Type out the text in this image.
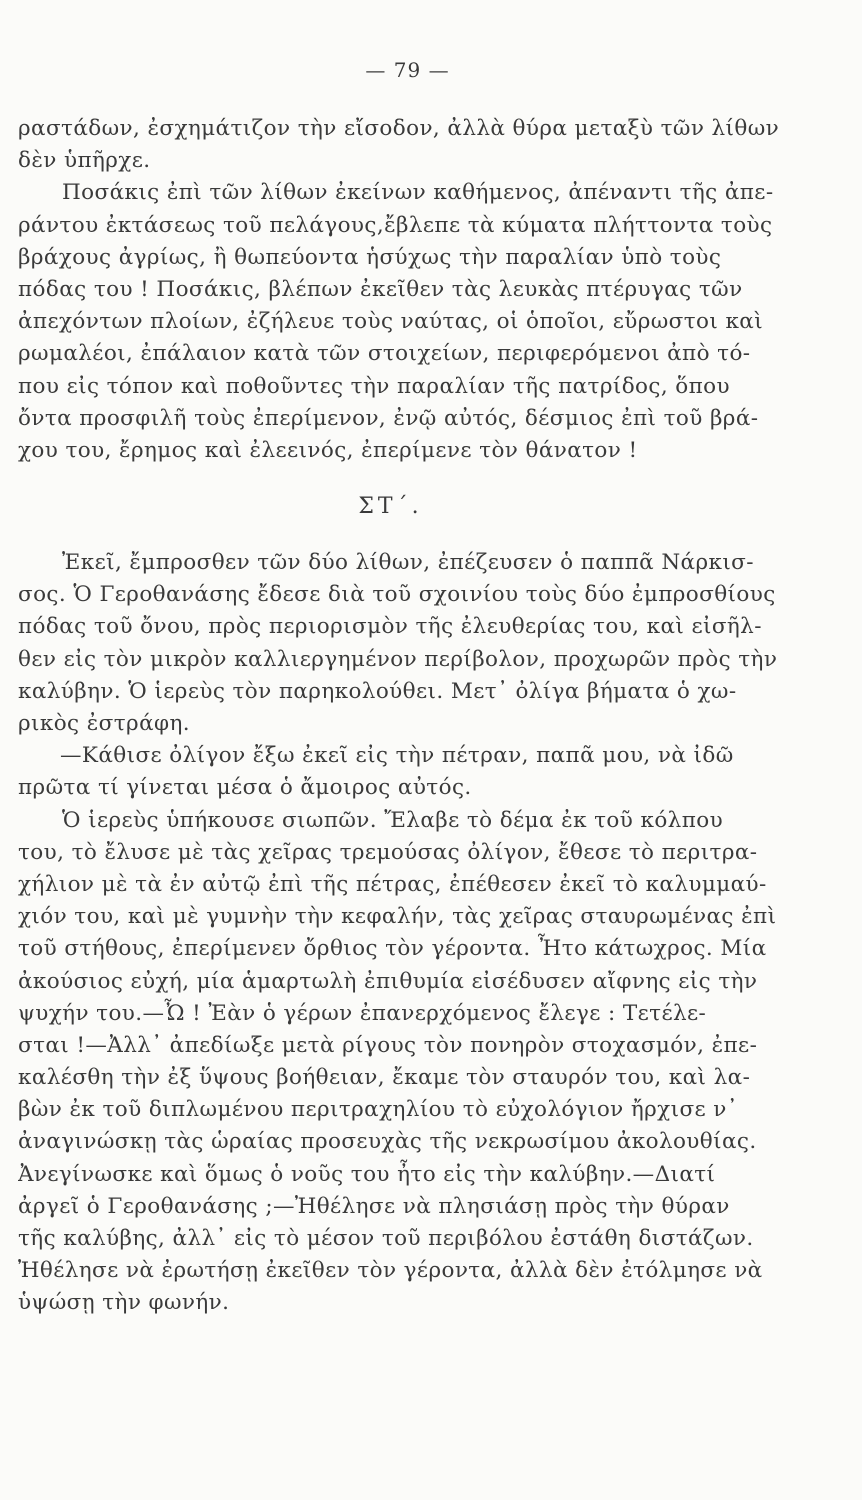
— 79 —
ραστάδων, ἐσχημάτιζον τὴν εἴσοδον, ἀλλὰ θύρα μεταξὺ τῶν λίθων
δὲν ὑπῆρχε.
Ποσάκις ἐπὶ τῶν λίθων ἐκείνων καθήμενος, ἀπέναντι τῆς ἀπε-
ράντου ἐκτάσεως τοῦ πελάγους,ἔβλεπε τὰ κύματα πλήττοντα τοὺς
βράχους ἀγρίως, ἢ θωπεύοντα ἡσύχως τὴν παραλίαν ὑπὸ τοὺς
πόδας του ! Ποσάκις, βλέπων ἐκεῖθεν τὰς λευκὰς πτέρυγας τῶν
ἀπεχόντων πλοίων, ἐζήλευε τοὺς ναύτας, οἱ ὁποῖοι, εὔρωστοι καὶ
ρωμαλέοι, ἐπάλαιον κατὰ τῶν στοιχείων, περιφερόμενοι ἀπὸ τό-
που εἰς τόπον καὶ ποθοῦντες τὴν παραλίαν τῆς πατρίδος, ὅπου
ὄντα προσφιλῆ τοὺς ἐπερίμενον, ἐνῷ αὐτός, δέσμιος ἐπὶ τοῦ βρά-
χου του, ἔρημος καὶ ἐλεεινός, ἐπερίμενε τὸν θάνατον !
ΣΤ΄.
Ἐκεῖ, ἔμπροσθεν τῶν δύο λίθων, ἐπέζευσεν ὁ παππᾶ Νάρκισ-
σος. Ὁ Γεροθανάσης ἔδεσε διὰ τοῦ σχοινίου τοὺς δύο ἐμπροσθίους
πόδας τοῦ ὄνου, πρὸς περιορισμὸν τῆς ἐλευθερίας του, καὶ εἰσῆλ-
θεν εἰς τὸν μικρὸν καλλιεργημένον περίβολον, προχωρῶν πρὸς τὴν
καλύβην. Ὁ ἱερεὺς τὸν παρηκολούθει. Μετ᾽ ὀλίγα βήματα ὁ χω-
ρικὸς ἐστράφη.
—Κάθισε ὀλίγον ἔξω ἐκεῖ εἰς τὴν πέτραν, παπᾶ μου, νὰ ἰδῶ
πρῶτα τί γίνεται μέσα ὁ ἄμοιρος αὐτός.
Ὁ ἱερεὺς ὑπήκουσε σιωπῶν. Ἔλαβε τὸ δέμα ἐκ τοῦ κόλπου
του, τὸ ἔλυσε μὲ τὰς χεῖρας τρεμούσας ὀλίγον, ἔθεσε τὸ περιτρα-
χήλιον μὲ τὰ ἐν αὐτῷ ἐπὶ τῆς πέτρας, ἐπέθεσεν ἐκεῖ τὸ καλυμμαύ-
χιόν του, καὶ μὲ γυμνὴν τὴν κεφαλήν, τὰς χεῖρας σταυρωμένας ἐπὶ
τοῦ στήθους, ἐπερίμενεν ὄρθιος τὸν γέροντα. Ἦτο κάτωχρος. Μία
ἀκούσιος εὐχή, μία ἁμαρτωλὴ ἐπιθυμία εἰσέδυσεν αἴφνης εἰς τὴν
ψυχήν του.—Ὦ ! Ἐὰν ὁ γέρων ἐπανερχόμενος ἔλεγε : Τετέλε-
σται !—Ἀλλ᾽ ἀπεδίωξε μετὰ ρίγους τὸν πονηρὸν στοχασμόν, ἐπε-
καλέσθη τὴν ἐξ ὕψους βοήθειαν, ἔκαμε τὸν σταυρόν του, καὶ λα-
βὼν ἐκ τοῦ διπλωμένου περιτραχηλίου τὸ εὐχολόγιον ἤρχισε ν᾽
ἀναγινώσκῃ τὰς ὡραίας προσευχὰς τῆς νεκρωσίμου ἀκολουθίας.
Ἀνεγίνωσκε καὶ ὅμως ὁ νοῦς του ἦτο εἰς τὴν καλύβην.—Διατί
ἀργεῖ ὁ Γεροθανάσης ;—Ἠθέλησε νὰ πλησιάσῃ πρὸς τὴν θύραν
τῆς καλύβης, ἀλλ᾽ εἰς τὸ μέσον τοῦ περιβόλου ἐστάθη διστάζων.
Ἠθέλησε νὰ ἐρωτήσῃ ἐκεῖθεν τὸν γέροντα, ἀλλὰ δὲν ἐτόλμησε νὰ
ὑψώσῃ τὴν φωνήν.
